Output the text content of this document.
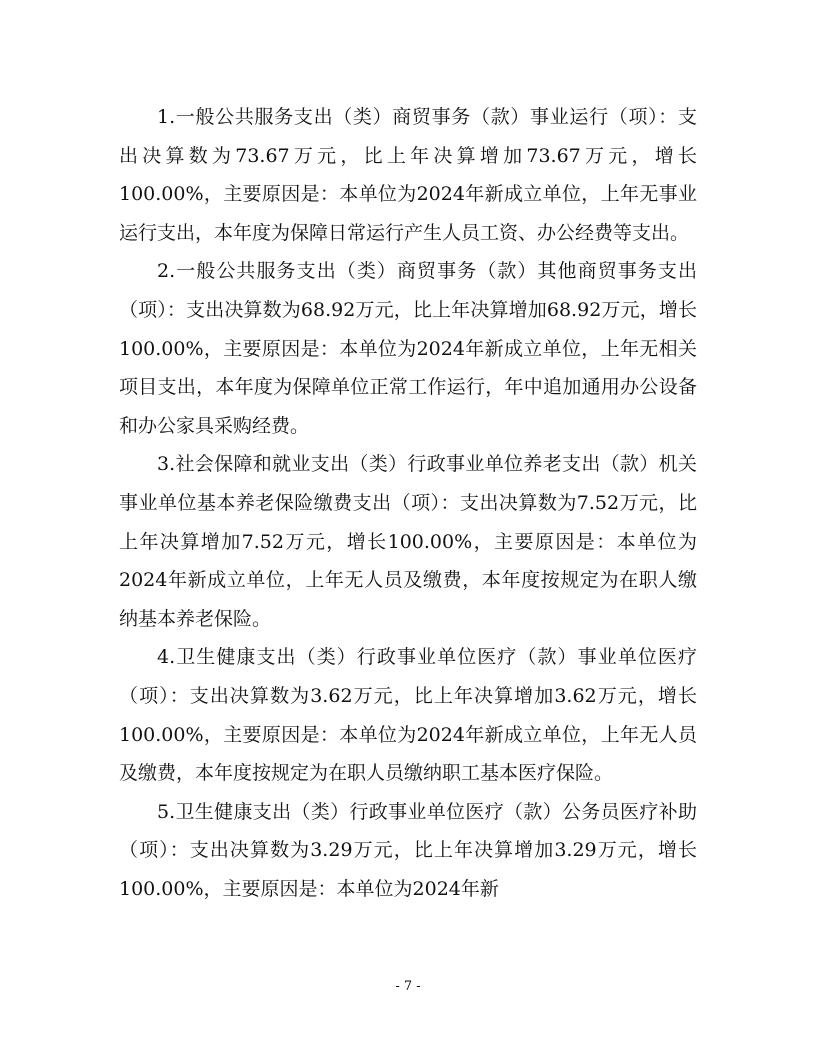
1.一般公共服务支出（类）商贸事务（款）事业运行（项）：支出决算数为73.67万元，比上年决算增加73.67万元，增长100.00%，主要原因是：本单位为2024年新成立单位，上年无事业运行支出，本年度为保障日常运行产生人员工资、办公经费等支出。

2.一般公共服务支出（类）商贸事务（款）其他商贸事务支出（项）：支出决算数为68.92万元，比上年决算增加68.92万元，增长100.00%，主要原因是：本单位为2024年新成立单位，上年无相关项目支出，本年度为保障单位正常工作运行，年中追加通用办公设备和办公家具采购经费。

3.社会保障和就业支出（类）行政事业单位养老支出（款）机关事业单位基本养老保险缴费支出（项）：支出决算数为7.52万元，比上年决算增加7.52万元，增长100.00%，主要原因是：本单位为2024年新成立单位，上年无人员及缴费，本年度按规定为在职人缴纳基本养老保险。

4.卫生健康支出（类）行政事业单位医疗（款）事业单位医疗（项）：支出决算数为3.62万元，比上年决算增加3.62万元，增长100.00%，主要原因是：本单位为2024年新成立单位，上年无人员及缴费，本年度按规定为在职人员缴纳职工基本医疗保险。

5.卫生健康支出（类）行政事业单位医疗（款）公务员医疗补助（项）：支出决算数为3.29万元，比上年决算增加3.29万元，增长100.00%，主要原因是：本单位为2024年新

- 7 -
